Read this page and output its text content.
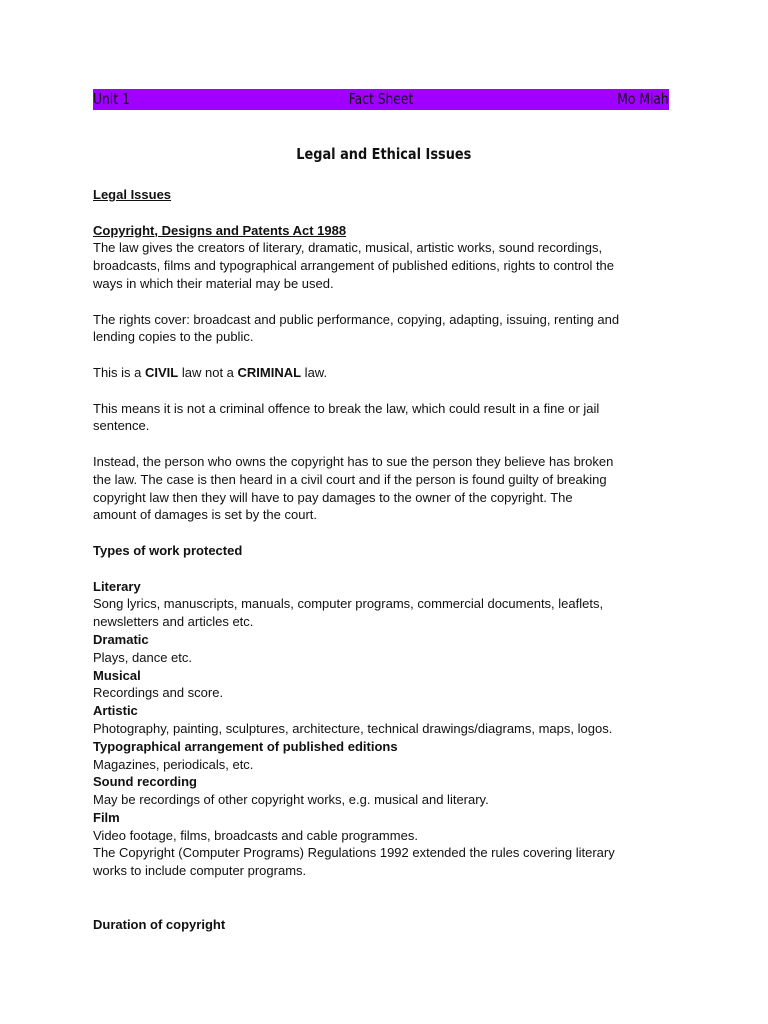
Unit 1	Fact Sheet	Mo Miah
Legal and Ethical Issues

Legal Issues

Copyright, Designs and Patents Act 1988

The law gives the creators of literary, dramatic, musical, artistic works, sound recordings,

broadcasts, films and typographical arrangement of published editions, rights to control the

ways in which their material may be used.

The rights cover: broadcast and public performance, copying, adapting, issuing, renting and

lending copies to the public.

This is a CIVIL law not a CRIMINAL law.

This means it is not a criminal offence to break the law, which could result in a fine or jail

sentence.

Instead, the person who owns the copyright has to sue the person they believe has broken

the law. The case is then heard in a civil court and if the person is found guilty of breaking

copyright law then they will have to pay damages to the owner of the copyright. The

amount of damages is set by the court.

Types of work protected

Literary

Song lyrics, manuscripts, manuals, computer programs, commercial documents, leaflets,

newsletters and articles etc.

Dramatic

Plays, dance etc.

Musical

Recordings and score.

Artistic

Photography, painting, sculptures, architecture, technical drawings/diagrams, maps, logos.

Typographical arrangement of published editions

Magazines, periodicals, etc.

Sound recording

May be recordings of other copyright works, e.g. musical and literary.

Film

Video footage, films, broadcasts and cable programmes.

The Copyright (Computer Programs) Regulations 1992 extended the rules covering literary

works to include computer programs.

Duration of copyright
